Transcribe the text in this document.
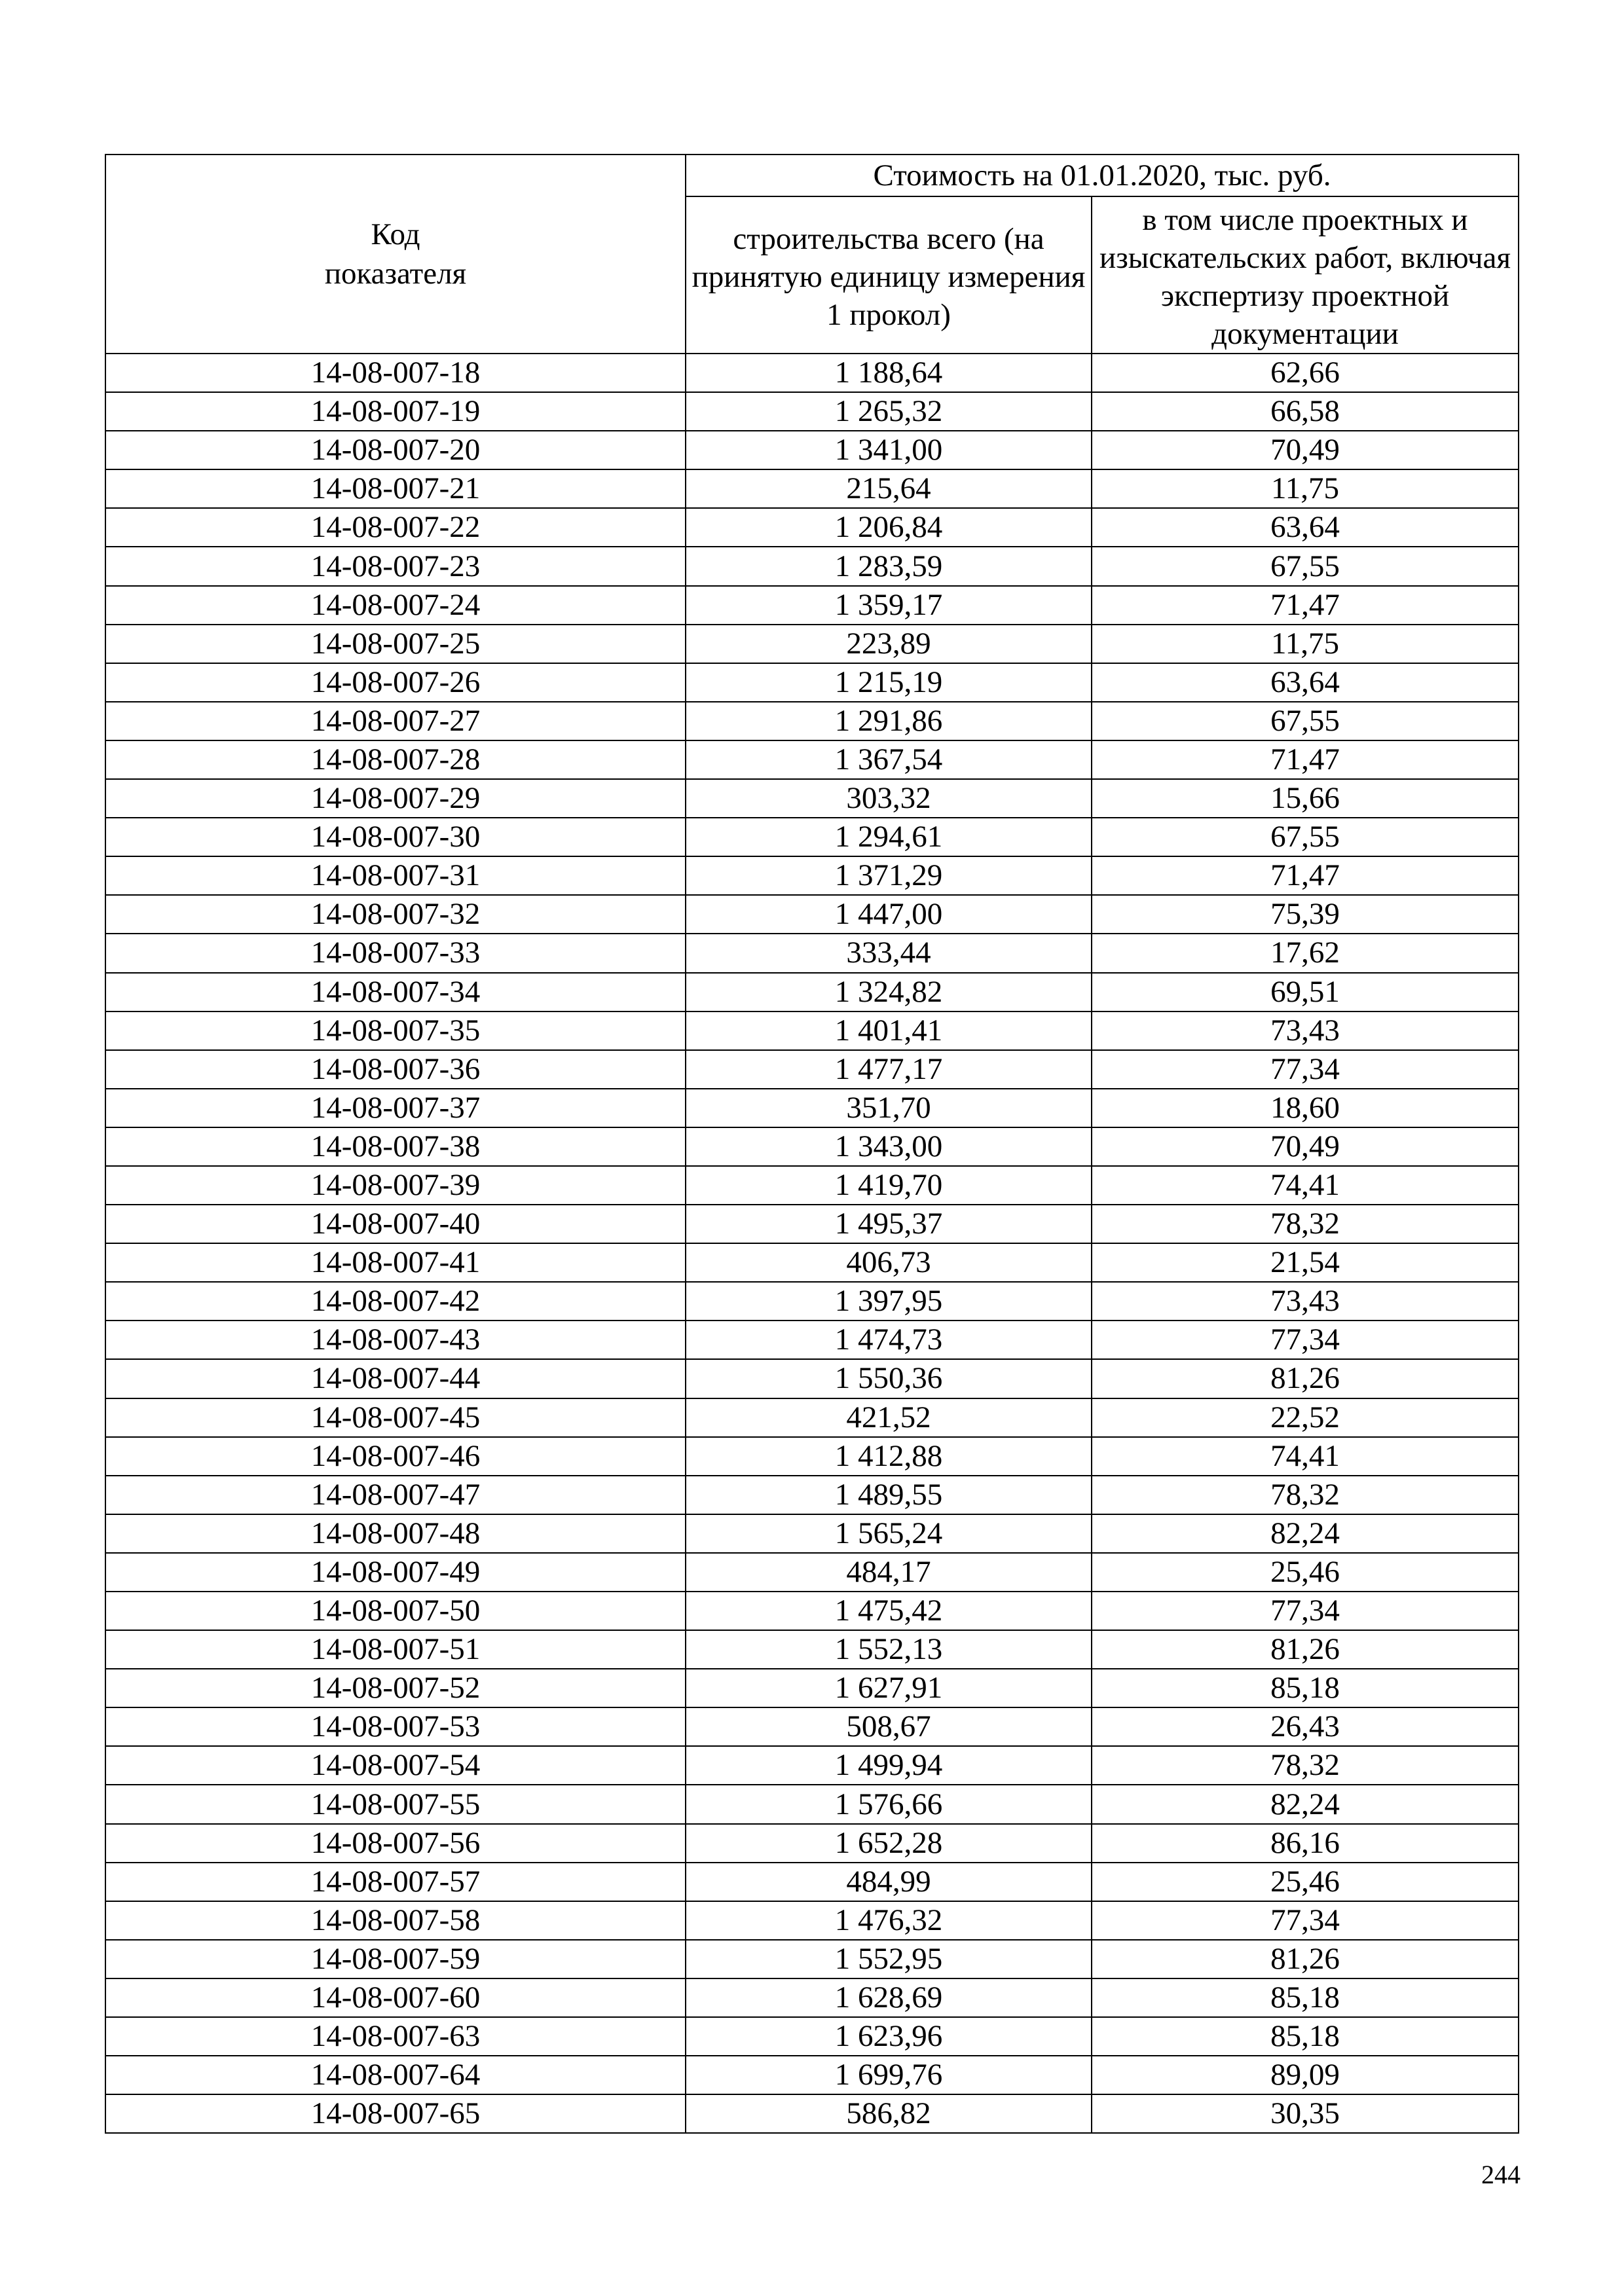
Код
показателя	Стоимость на 01.01.2020, тыс. руб.	
	строительства всего (на принятую единицу измерения 1 прокол)	в том числе проектных и изыскательских работ, включая экспертизу проектной документации
14-08-007-18	1 188,64	62,66
14-08-007-19	1 265,32	66,58
14-08-007-20	1 341,00	70,49
14-08-007-21	215,64	11,75
14-08-007-22	1 206,84	63,64
14-08-007-23	1 283,59	67,55
14-08-007-24	1 359,17	71,47
14-08-007-25	223,89	11,75
14-08-007-26	1 215,19	63,64
14-08-007-27	1 291,86	67,55
14-08-007-28	1 367,54	71,47
14-08-007-29	303,32	15,66
14-08-007-30	1 294,61	67,55
14-08-007-31	1 371,29	71,47
14-08-007-32	1 447,00	75,39
14-08-007-33	333,44	17,62
14-08-007-34	1 324,82	69,51
14-08-007-35	1 401,41	73,43
14-08-007-36	1 477,17	77,34
14-08-007-37	351,70	18,60
14-08-007-38	1 343,00	70,49
14-08-007-39	1 419,70	74,41
14-08-007-40	1 495,37	78,32
14-08-007-41	406,73	21,54
14-08-007-42	1 397,95	73,43
14-08-007-43	1 474,73	77,34
14-08-007-44	1 550,36	81,26
14-08-007-45	421,52	22,52
14-08-007-46	1 412,88	74,41
14-08-007-47	1 489,55	78,32
14-08-007-48	1 565,24	82,24
14-08-007-49	484,17	25,46
14-08-007-50	1 475,42	77,34
14-08-007-51	1 552,13	81,26
14-08-007-52	1 627,91	85,18
14-08-007-53	508,67	26,43
14-08-007-54	1 499,94	78,32
14-08-007-55	1 576,66	82,24
14-08-007-56	1 652,28	86,16
14-08-007-57	484,99	25,46
14-08-007-58	1 476,32	77,34
14-08-007-59	1 552,95	81,26
14-08-007-60	1 628,69	85,18
14-08-007-63	1 623,96	85,18
14-08-007-64	1 699,76	89,09
14-08-007-65	586,82	30,35
244
